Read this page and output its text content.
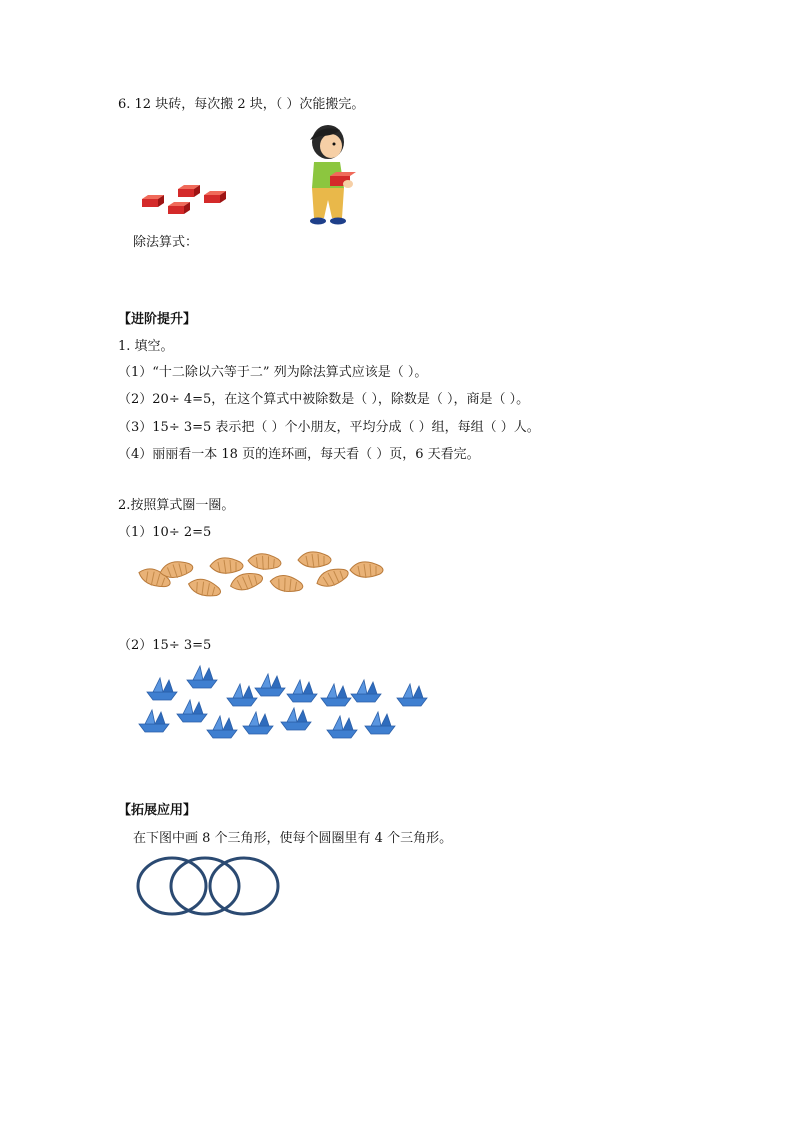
6. 12 块砖，每次搬 2 块，（ ）次能搬完。
除法算式：
【进阶提升】
1. 填空。
（1）“十二除以六等于二” 列为除法算式应该是（ ）。
（2）20÷ 4=5，在这个算式中被除数是（ ），除数是（ ），商是（ ）。
（3）15÷ 3=5 表示把（ ）个小朋友，平均分成（ ）组，每组（ ）人。
（4）丽丽看一本 18 页的连环画，每天看（ ）页，6 天看完。
2.按照算式圈一圈。
（1）10÷ 2=5
（2）15÷ 3=5
【拓展应用】
在下图中画 8 个三角形，使每个圆圈里有 4 个三角形。
